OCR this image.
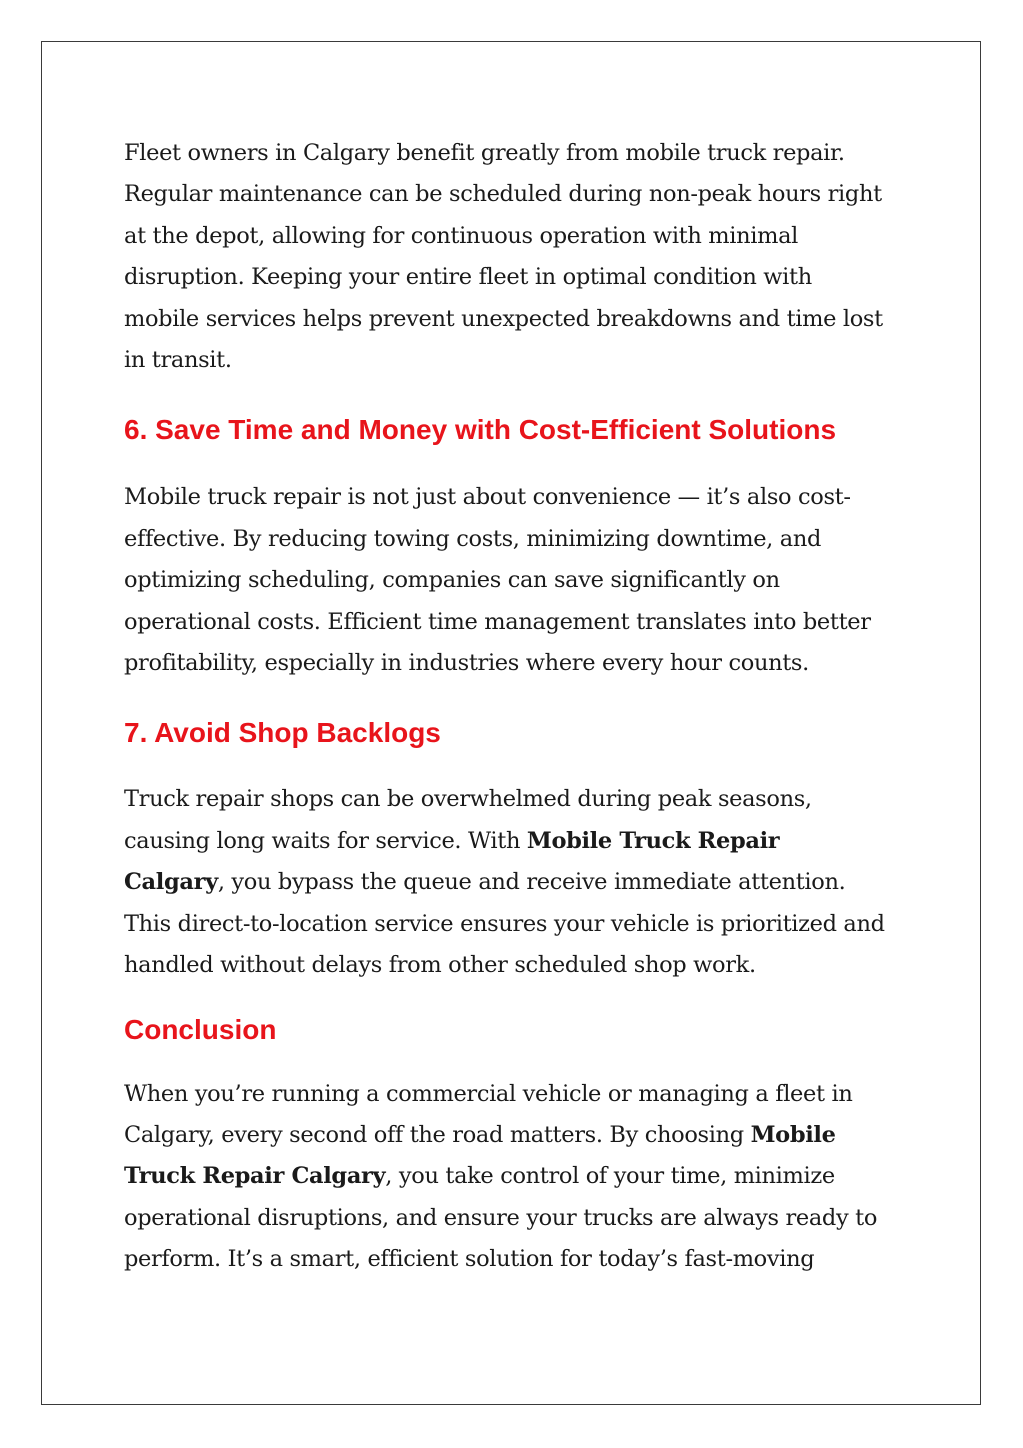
Fleet owners in Calgary benefit greatly from mobile truck repair.
Regular maintenance can be scheduled during non-peak hours right
at the depot, allowing for continuous operation with minimal
disruption. Keeping your entire fleet in optimal condition with
mobile services helps prevent unexpected breakdowns and time lost
in transit.

6. Save Time and Money with Cost-Efficient Solutions

Mobile truck repair is not just about convenience — it’s also cost-
effective. By reducing towing costs, minimizing downtime, and
optimizing scheduling, companies can save significantly on
operational costs. Efficient time management translates into better
profitability, especially in industries where every hour counts.

7. Avoid Shop Backlogs

Truck repair shops can be overwhelmed during peak seasons,
causing long waits for service. With Mobile Truck Repair
Calgary, you bypass the queue and receive immediate attention.
This direct-to-location service ensures your vehicle is prioritized and
handled without delays from other scheduled shop work.

Conclusion

When you’re running a commercial vehicle or managing a fleet in
Calgary, every second off the road matters. By choosing Mobile
Truck Repair Calgary, you take control of your time, minimize
operational disruptions, and ensure your trucks are always ready to
perform. It’s a smart, efficient solution for today’s fast-moving
